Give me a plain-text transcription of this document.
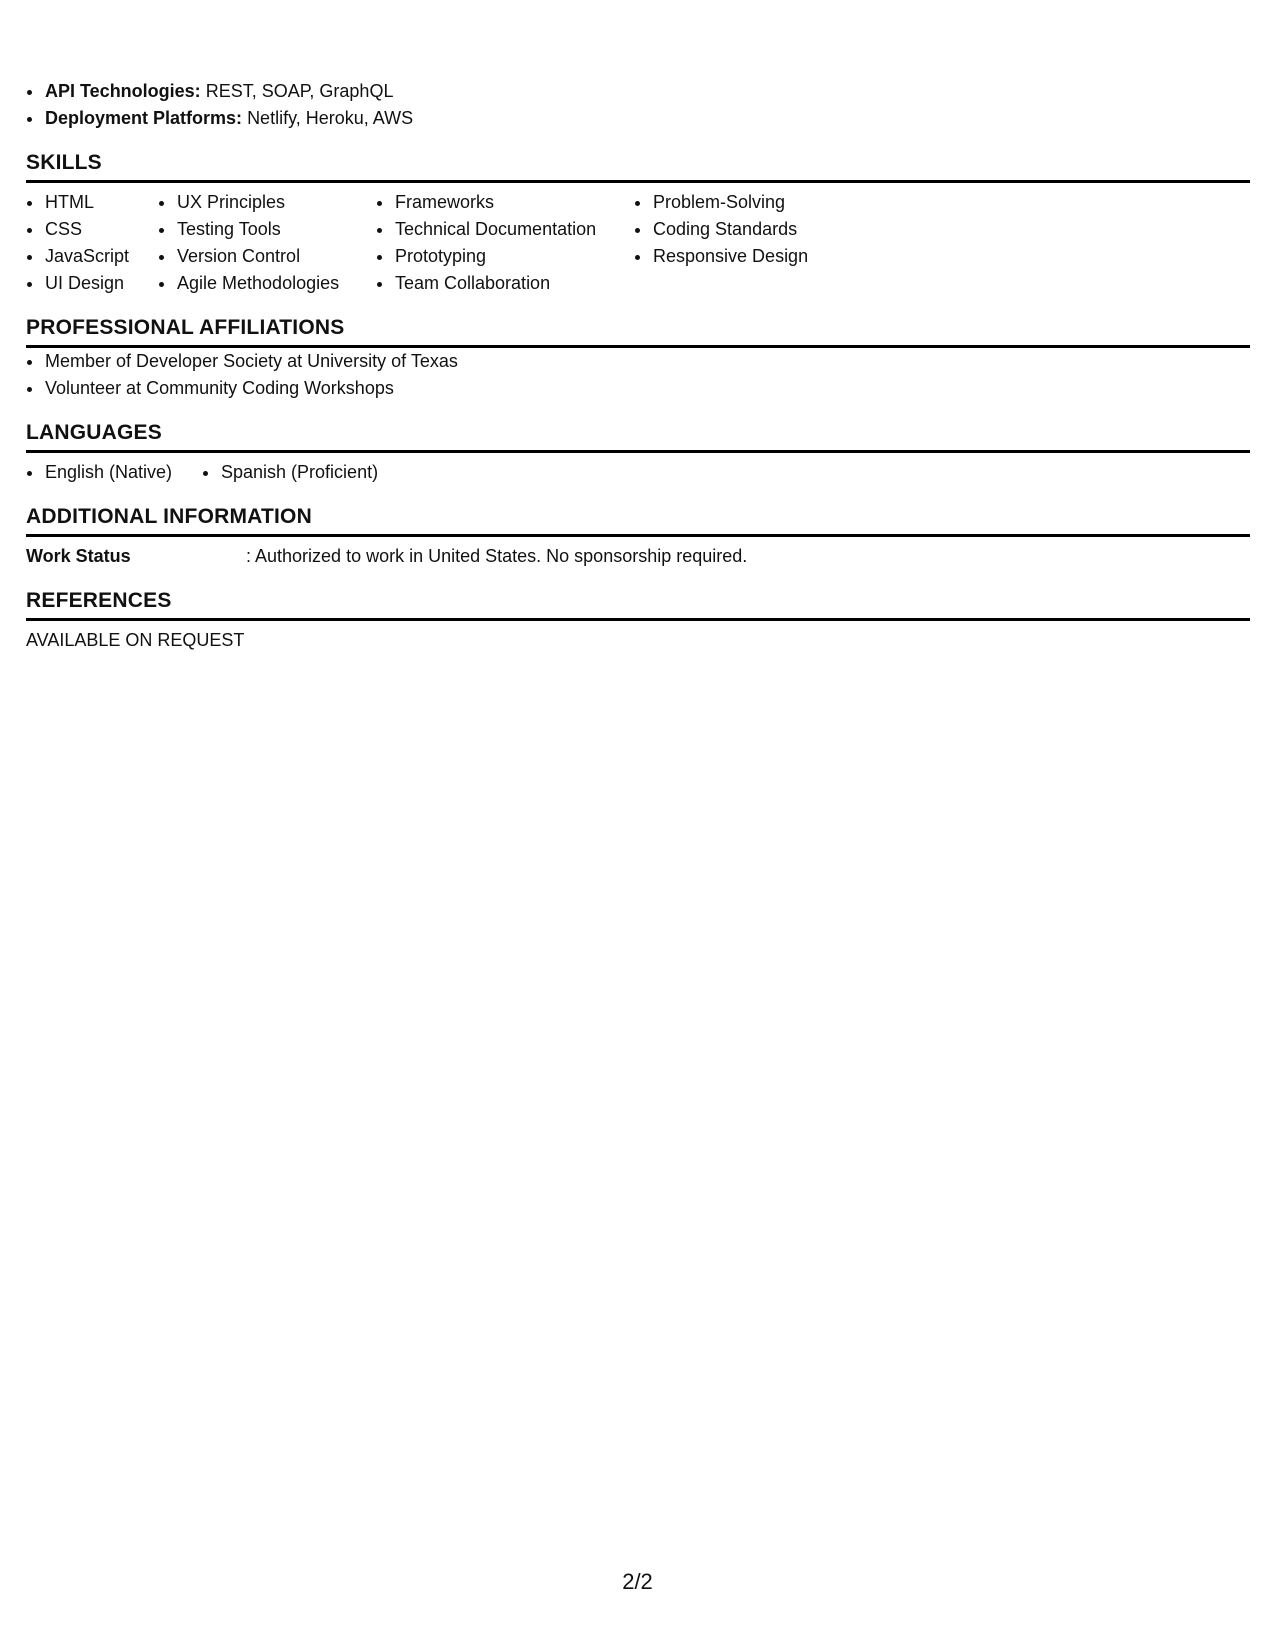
• API Technologies: REST, SOAP, GraphQL
• Deployment Platforms: Netlify, Heroku, AWS
SKILLS
• HTML
• CSS
• JavaScript
• UI Design
• UX Principles
• Testing Tools
• Version Control
• Agile Methodologies
• Frameworks
• Technical Documentation
• Prototyping
• Team Collaboration
• Problem-Solving
• Coding Standards
• Responsive Design
PROFESSIONAL AFFILIATIONS
• Member of Developer Society at University of Texas
• Volunteer at Community Coding Workshops
LANGUAGES
• English (Native)
•	Spanish (Proficient)
ADDITIONAL INFORMATION
Work Status	: Authorized to work in United States. No sponsorship required.
REFERENCES
AVAILABLE ON REQUEST
2/2
